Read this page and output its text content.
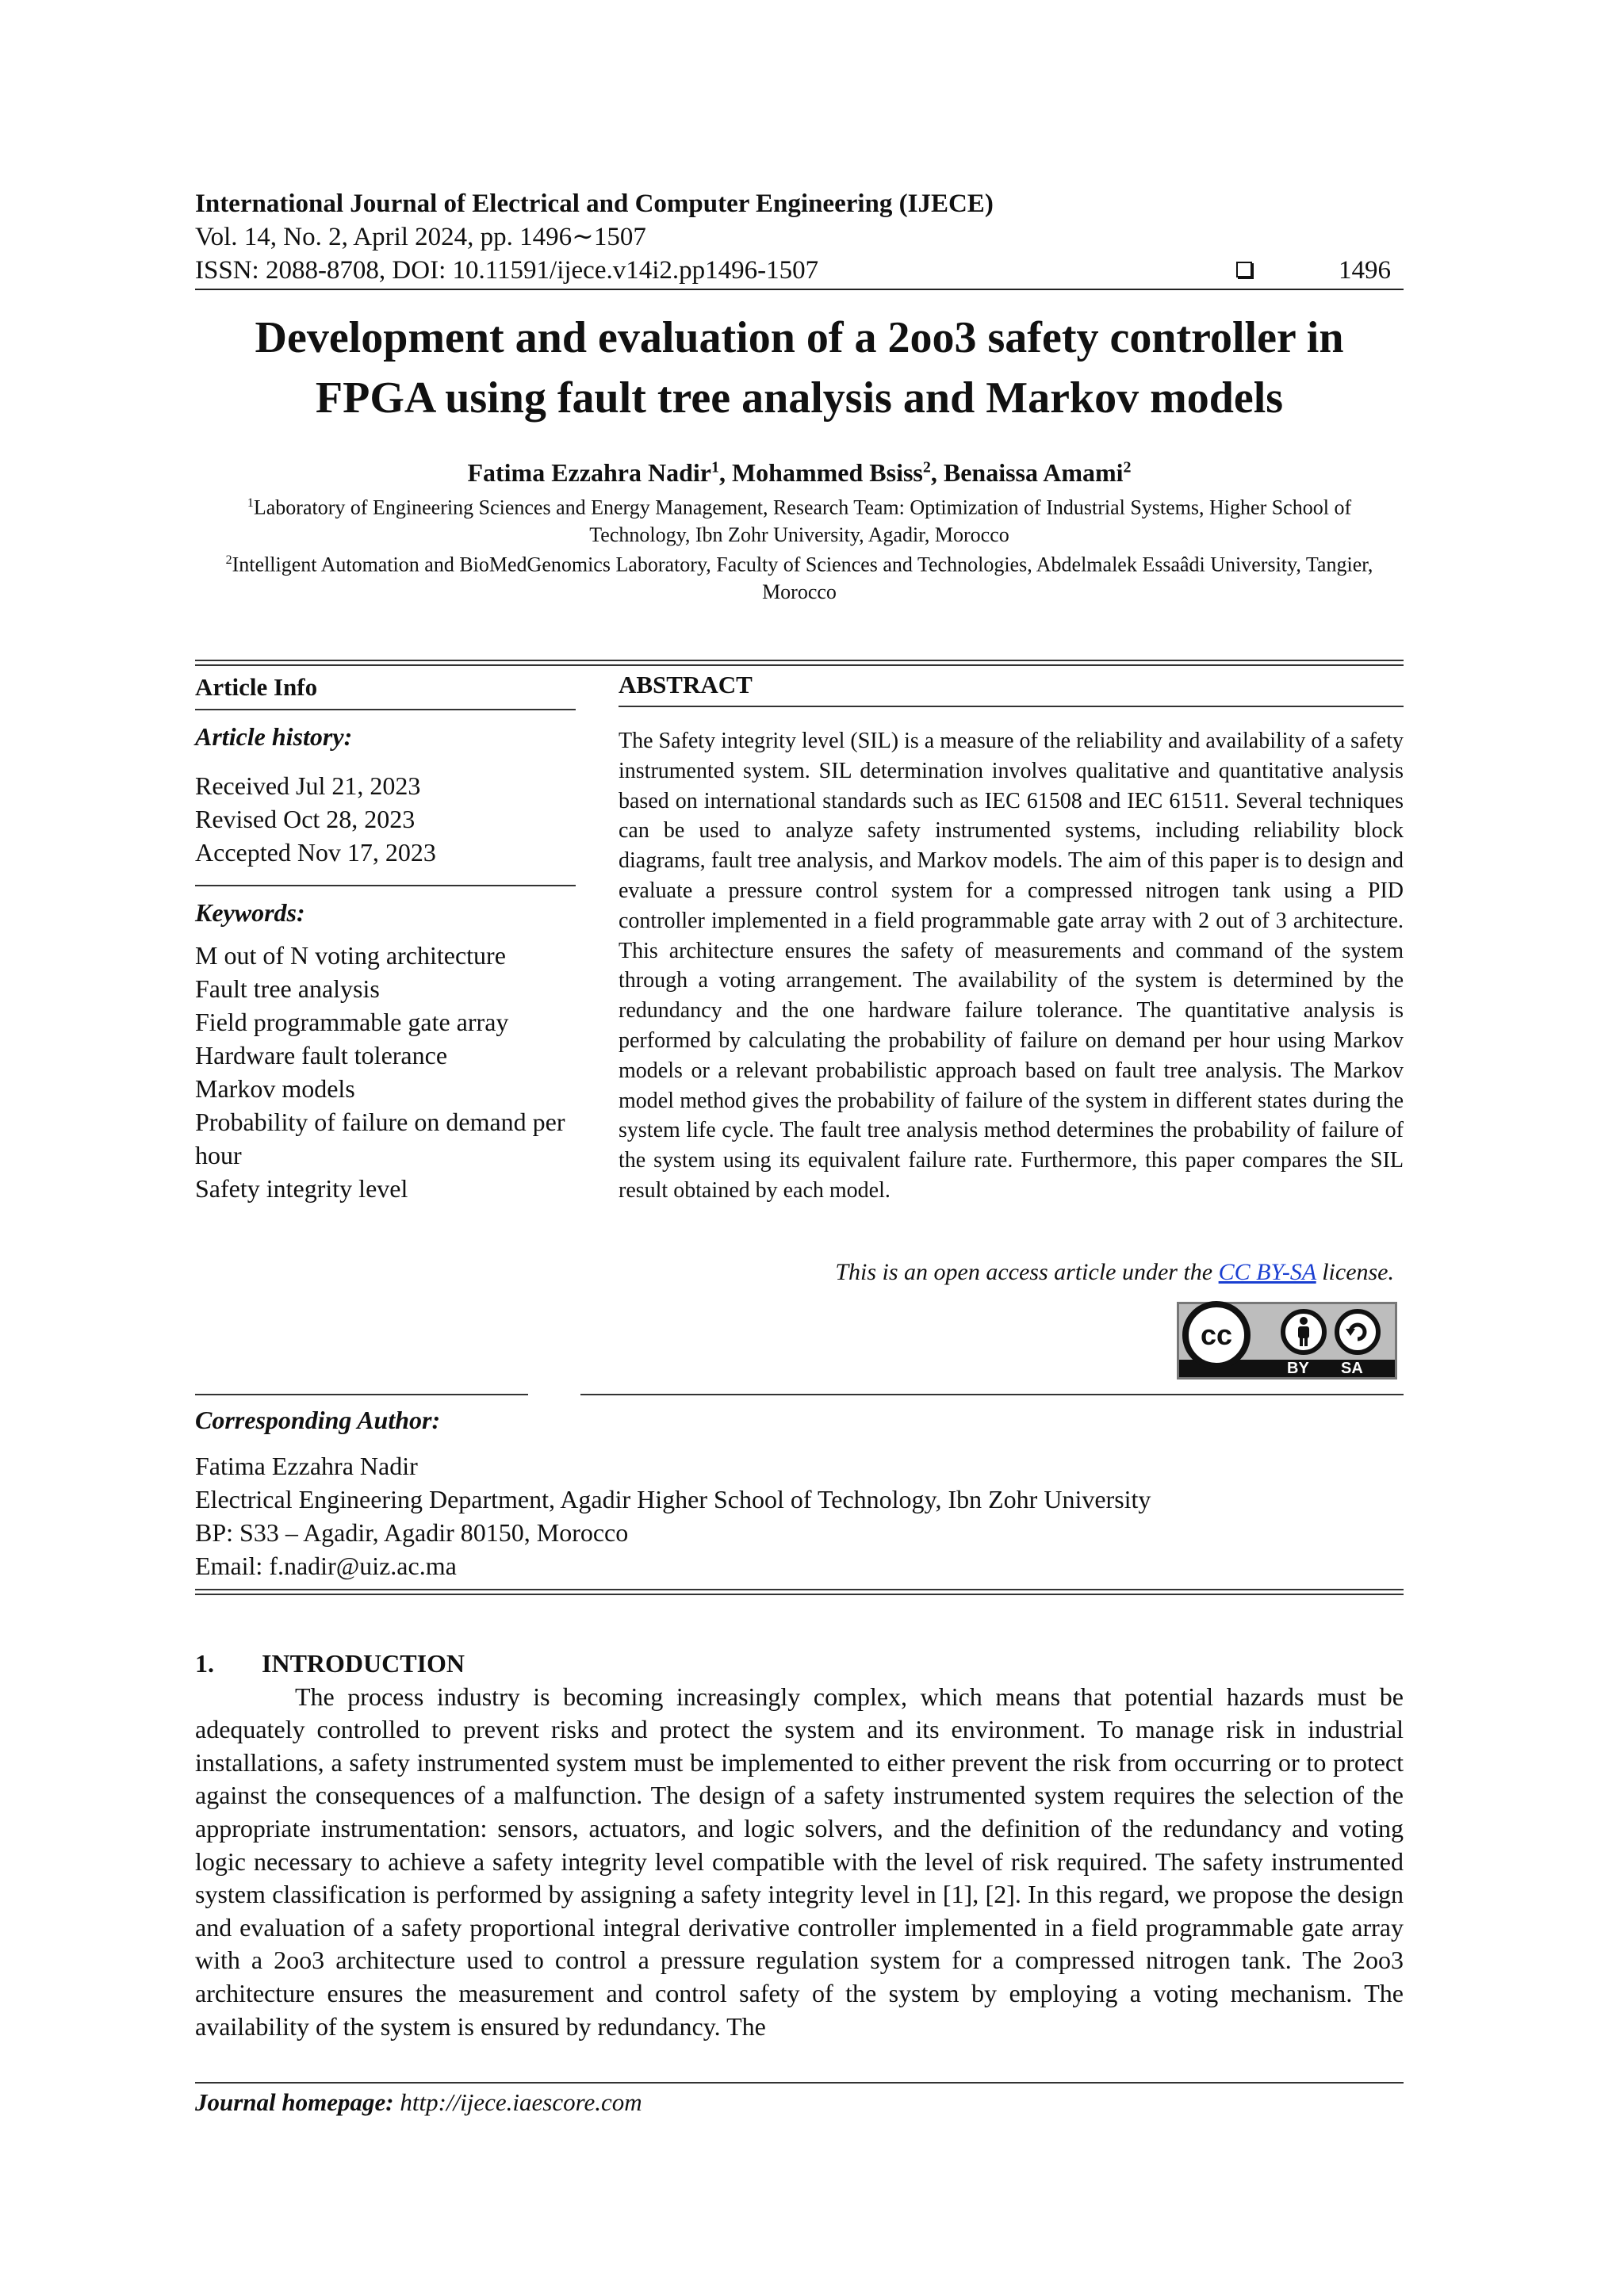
International Journal of Electrical and Computer Engineering (IJECE)
Vol. 14, No. 2, April 2024, pp. 1496∼1507
ISSN: 2088-8708, DOI: 10.11591/ijece.v14i2.pp1496-1507	1496
Development and evaluation of a 2oo3 safety controller in FPGA using fault tree analysis and Markov models
Fatima Ezzahra Nadir$^1$, Mohammed Bsiss$^2$, Benaissa Amami$^2$
$^1$Laboratory of Engineering Sciences and Energy Management, Research Team: Optimization of Industrial Systems, Higher School of Technology, Ibn Zohr University, Agadir, Morocco
$^2$Intelligent Automation and BioMedGenomics Laboratory, Faculty of Sciences and Technologies, Abdelmalek Essaâdi University, Tangier, Morocco
Article Info
Article history:
Received Jul 21, 2023
Revised Oct 28, 2023
Accepted Nov 17, 2023
Keywords:
M out of N voting architecture
Fault tree analysis
Field programmable gate array
Hardware fault tolerance
Markov models
Probability of failure on demand per hour
Safety integrity level
ABSTRACT

The Safety integrity level (SIL) is a measure of the reliability and availability of a safety instrumented system. SIL determination involves qualitative and quantitative analysis based on international standards such as IEC 61508 and IEC 61511. Several techniques can be used to analyze safety instrumented systems, including reliability block diagrams, fault tree analysis, and Markov models. The aim of this paper is to design and evaluate a pressure control system for a compressed nitrogen tank using a PID controller implemented in a field programmable gate array with 2 out of 3 architecture. This architecture ensures the safety of measurements and command of the system through a voting arrangement. The availability of the system is determined by the redundancy and the one hardware failure tolerance. The quantitative analysis is performed by calculating the probability of failure on demand per hour using Markov models or a relevant probabilistic approach based on fault tree analysis. The Markov model method gives the probability of failure of the system in different states during the system life cycle. The fault tree analysis method determines the probability of failure of the system using its equivalent failure rate. Furthermore, this paper compares the SIL result obtained by each model.

This is an open access article under the CC BY-SA license.
cc
BY SA
Corresponding Author:
Fatima Ezzahra Nadir
Electrical Engineering Department, Agadir Higher School of Technology, Ibn Zohr University
BP: S33 – Agadir, Agadir 80150, Morocco
Email: f.nadir@uiz.ac.ma
1. INTRODUCTION

The process industry is becoming increasingly complex, which means that potential hazards must be adequately controlled to prevent risks and protect the system and its environment. To manage risk in industrial installations, a safety instrumented system must be implemented to either prevent the risk from occurring or to protect against the consequences of a malfunction. The design of a safety instrumented system requires the selection of the appropriate instrumentation: sensors, actuators, and logic solvers, and the definition of the redundancy and voting logic necessary to achieve a safety integrity level compatible with the level of risk required. The safety instrumented system classification is performed by assigning a safety integrity level in [1], [2]. In this regard, we propose the design and evaluation of a safety proportional integral derivative controller implemented in a field programmable gate array with a 2oo3 architecture used to control a pressure regulation system for a compressed nitrogen tank. The 2oo3 architecture ensures the measurement and control safety of the system by employing a voting mechanism. The availability of the system is ensured by redundancy. The

Journal homepage: http://ijece.iaescore.com
